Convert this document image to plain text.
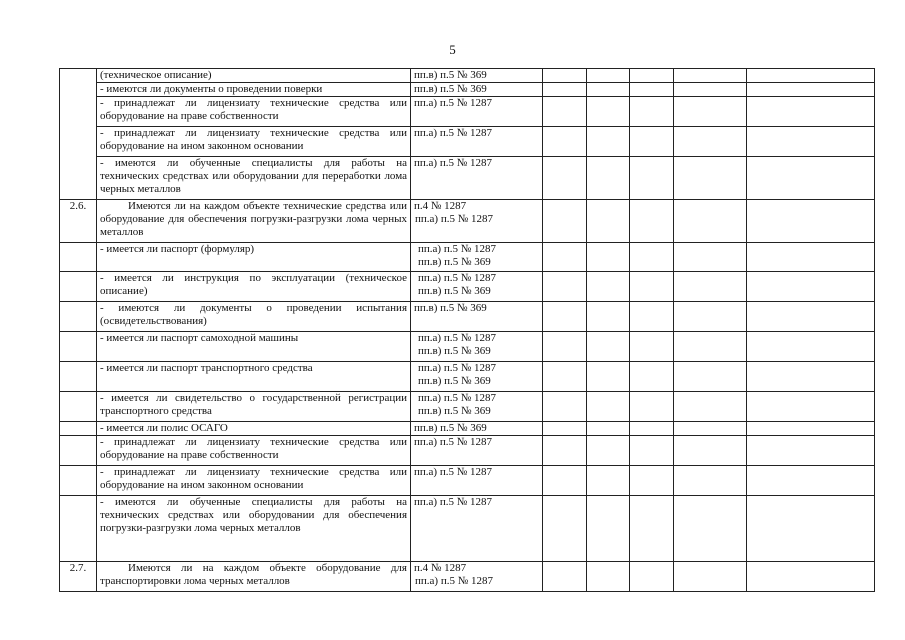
5
	(техническое описание)	пп.в) п.5 № 369					

	- имеются ли документы о проведении поверки	пп.в) п.5 № 369					

	- принадлежат ли лицензиату технические средства или оборудование на праве собственности	пп.а) п.5 № 1287					

	- принадлежат ли лицензиату технические средства или оборудование на ином законном основании	пп.а) п.5 № 1287					

	- имеются ли обученные специалисты для работы на технических средствах или оборудовании для переработки лома черных металлов	пп.а) п.5 № 1287					

2.6.	Имеются ли на каждом объекте технические средства или оборудование для обеспечения погрузки-разгрузки лома черных металлов	п.4 № 1287
пп.а) п.5 № 1287					

	- имеется ли паспорт (формуляр)	пп.а) п.5 № 1287
пп.в) п.5 № 369					

	- имеется ли инструкция по эксплуатации (техническое описание)	пп.а) п.5 № 1287
пп.в) п.5 № 369					

	- имеются ли документы о проведении испытания (освидетельствования)	пп.в) п.5 № 369					

	- имеется ли паспорт самоходной машины	пп.а) п.5 № 1287
пп.в) п.5 № 369					

	- имеется ли паспорт транспортного средства	пп.а) п.5 № 1287
пп.в) п.5 № 369					

	- имеется ли свидетельство о государственной регистрации транспортного средства	пп.а) п.5 № 1287
пп.в) п.5 № 369					

	- имеется ли полис ОСАГО	пп.в) п.5 № 369					

	- принадлежат ли лицензиату технические средства или оборудование на праве собственности	пп.а) п.5 № 1287					

	- принадлежат ли лицензиату технические средства или оборудование на ином законном основании	пп.а) п.5 № 1287					

	- имеются ли обученные специалисты для работы на технических средствах или оборудовании для обеспечения погрузки-разгрузки лома черных металлов	пп.а) п.5 № 1287					

2.7.	Имеются ли на каждом объекте оборудование для транспортировки лома черных металлов	п.4 № 1287
пп.а) п.5 № 1287					
